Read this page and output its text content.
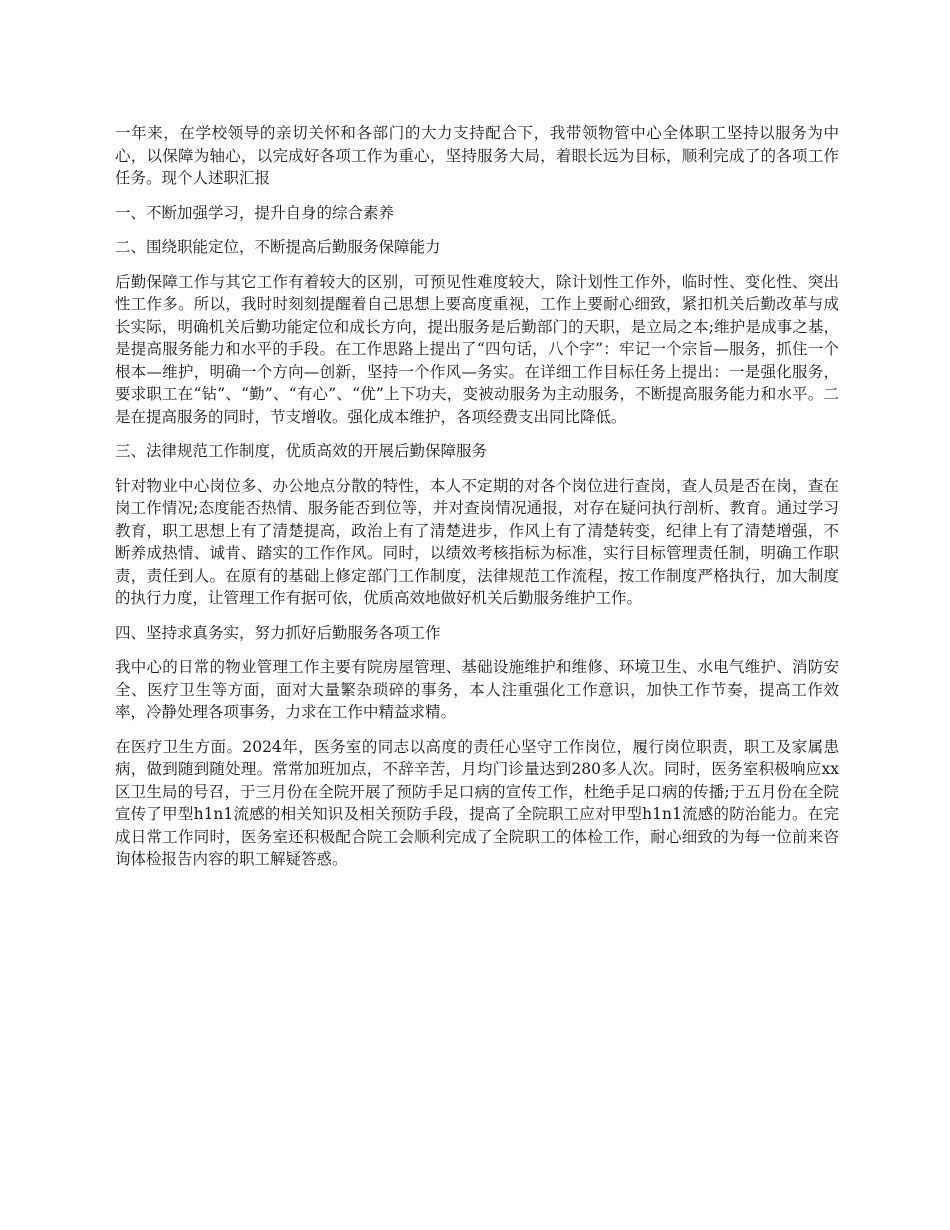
一年来，在学校领导的亲切关怀和各部门的大力支持配合下，我带领物管中心全体职工坚持以服务为中心，以保障为轴心，以完成好各项工作为重心，坚持服务大局，着眼长远为目标，顺利完成了的各项工作任务。现个人述职汇报

一、不断加强学习，提升自身的综合素养

二、围绕职能定位，不断提高后勤服务保障能力

后勤保障工作与其它工作有着较大的区别，可预见性难度较大，除计划性工作外，临时性、变化性、突出性工作多。所以，我时时刻刻提醒着自己思想上要高度重视，工作上要耐心细致，紧扣机关后勤改革与成长实际，明确机关后勤功能定位和成长方向，提出服务是后勤部门的天职，是立局之本;维护是成事之基，是提高服务能力和水平的手段。在工作思路上提出了“四句话，八个字”：牢记一个宗旨—服务，抓住一个根本—维护，明确一个方向—创新，坚持一个作风—务实。在详细工作目标任务上提出：一是强化服务，要求职工在“钻”、“勤”、“有心”、“优”上下功夫，变被动服务为主动服务，不断提高服务能力和水平。二是在提高服务的同时，节支增收。强化成本维护，各项经费支出同比降低。

三、法律规范工作制度，优质高效的开展后勤保障服务

针对物业中心岗位多、办公地点分散的特性，本人不定期的对各个岗位进行查岗，查人员是否在岗，查在岗工作情况;态度能否热情、服务能否到位等，并对查岗情况通报，对存在疑问执行剖析、教育。通过学习教育，职工思想上有了清楚提高，政治上有了清楚进步，作风上有了清楚转变，纪律上有了清楚增强，不断养成热情、诚肯、踏实的工作作风。同时，以绩效考核指标为标准，实行目标管理责任制，明确工作职责，责任到人。在原有的基础上修定部门工作制度，法律规范工作流程，按工作制度严格执行，加大制度的执行力度，让管理工作有据可依，优质高效地做好机关后勤服务维护工作。

四、坚持求真务实，努力抓好后勤服务各项工作

我中心的日常的物业管理工作主要有院房屋管理、基础设施维护和维修、环境卫生、水电气维护、消防安全、医疗卫生等方面，面对大量繁杂琐碎的事务，本人注重强化工作意识，加快工作节奏，提高工作效率，冷静处理各项事务，力求在工作中精益求精。

在医疗卫生方面。2024年，医务室的同志以高度的责任心坚守工作岗位，履行岗位职责，职工及家属患病，做到随到随处理。常常加班加点，不辞辛苦，月均门诊量达到280多人次。同时，医务室积极响应xx区卫生局的号召，于三月份在全院开展了预防手足口病的宣传工作，杜绝手足口病的传播;于五月份在全院宣传了甲型h1n1流感的相关知识及相关预防手段，提高了全院职工应对甲型h1n1流感的防治能力。在完成日常工作同时，医务室还积极配合院工会顺利完成了全院职工的体检工作，耐心细致的为每一位前来咨询体检报告内容的职工解疑答惑。
